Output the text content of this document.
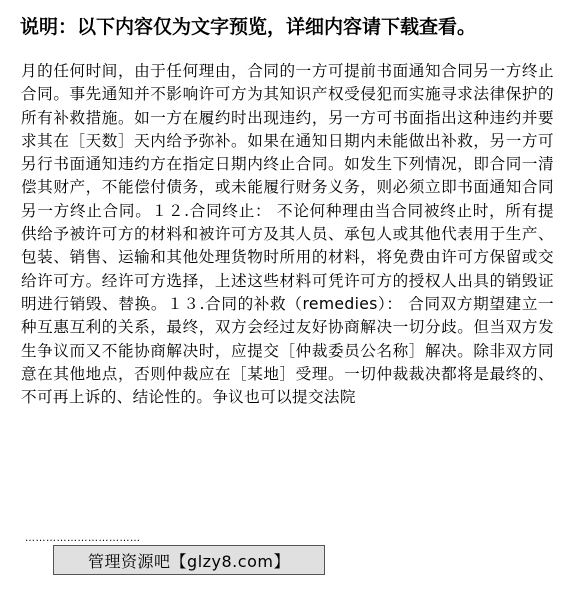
说明：以下内容仅为文字预览，详细内容请下载查看。
月的任何时间，由于任何理由，合同的一方可提前书面通知合同另一方终止合同。事先通知并不影响许可方为其知识产权受侵犯而实施寻求法律保护的所有补救措施。如一方在履约时出现违约，另一方可书面指出这种违约并要求其在［天数］天内给予弥补。如果在通知日期内未能做出补救，另一方可另行书面通知违约方在指定日期内终止合同。如发生下列情况，即合同一清偿其财产，不能偿付债务，或未能履行财务义务，则必须立即书面通知合同另一方终止合同。１２.合同终止： 不论何种理由当合同被终止时，所有提供给予被许可方的材料和被许可方及其人员、承包人或其他代表用于生产、包装、销售、运输和其他处理货物时所用的材料，将免费由许可方保留或交给许可方。经许可方选择，上述这些材料可凭许可方的授权人出具的销毁证明进行销毁、替换。１３.合同的补救（remedies）： 合同双方期望建立一种互惠互利的关系，最终，双方会经过友好协商解决一切分歧。但当双方发生争议而又不能协商解决时，应提交［仲裁委员公名称］解决。除非双方同意在其他地点，否则仲裁应在［某地］受理。一切仲裁裁决都将是最终的、不可再上诉的、结论性的。争议也可以提交法院
……………………………
管理资源吧【glzy8.com】
